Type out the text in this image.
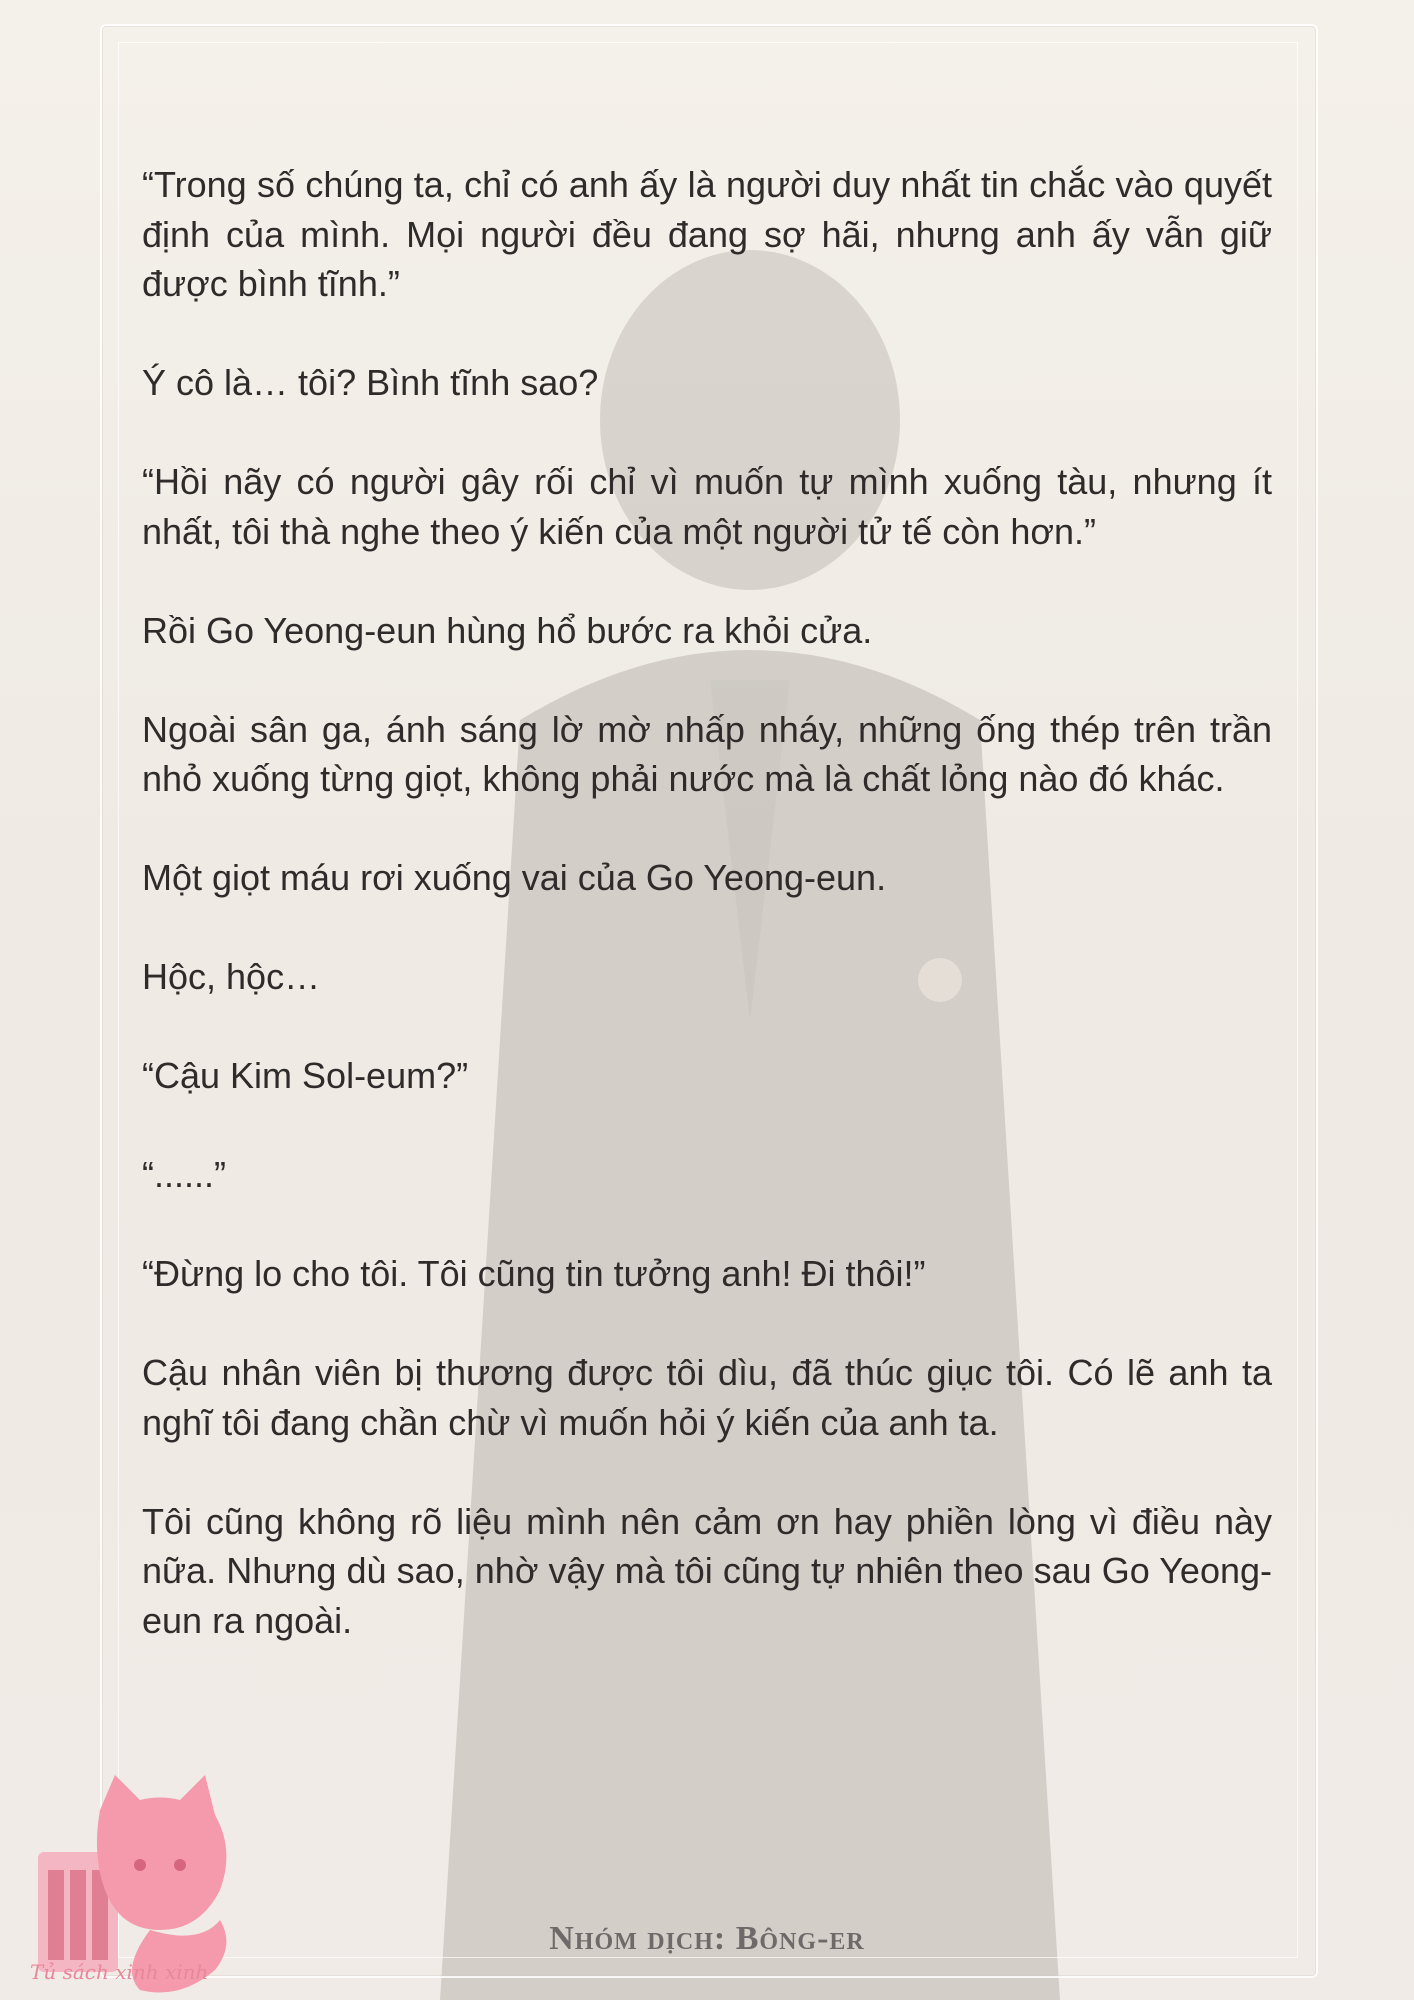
“Trong số chúng ta, chỉ có anh ấy là người duy nhất tin chắc vào quyết định của mình. Mọi người đều đang sợ hãi, nhưng anh ấy vẫn giữ được bình tĩnh.”

Ý cô là… tôi? Bình tĩnh sao?

“Hồi nãy có người gây rối chỉ vì muốn tự mình xuống tàu, nhưng ít nhất, tôi thà nghe theo ý kiến của một người tử tế còn hơn.”

Rồi Go Yeong-eun hùng hổ bước ra khỏi cửa.

Ngoài sân ga, ánh sáng lờ mờ nhấp nháy, những ống thép trên trần nhỏ xuống từng giọt, không phải nước mà là chất lỏng nào đó khác.

Một giọt máu rơi xuống vai của Go Yeong-eun.

Hộc, hộc…

“Cậu Kim Sol-eum?”

“......”

“Đừng lo cho tôi. Tôi cũng tin tưởng anh! Đi thôi!”

Cậu nhân viên bị thương được tôi dìu, đã thúc giục tôi. Có lẽ anh ta nghĩ tôi đang chần chừ vì muốn hỏi ý kiến của anh ta.

Tôi cũng không rõ liệu mình nên cảm ơn hay phiền lòng vì điều này nữa. Nhưng dù sao, nhờ vậy mà tôi cũng tự nhiên theo sau Go Yeong-eun ra ngoài.

Tủ sách xinh xinh
Nhóm dịch: Bông-er
